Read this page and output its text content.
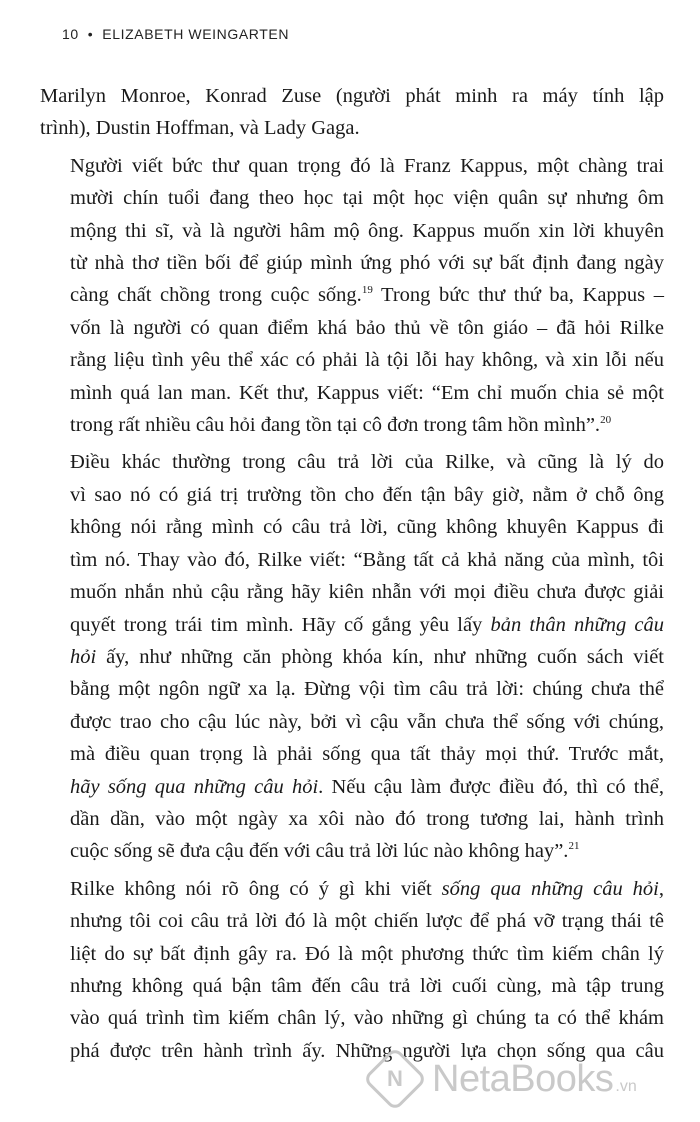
10 • ELIZABETH WEINGARTEN

Marilyn Monroe, Konrad Zuse (người phát minh ra máy tính lập
trình), Dustin Hoffman, và Lady Gaga.

Người viết bức thư quan trọng đó là Franz Kappus, một chàng trai
mười chín tuổi đang theo học tại một học viện quân sự nhưng ôm
mộng thi sĩ, và là người hâm mộ ông. Kappus muốn xin lời khuyên
từ nhà thơ tiền bối để giúp mình ứng phó với sự bất định đang ngày
càng chất chồng trong cuộc sống.$^{19}$ Trong bức thư thứ ba, Kappus –
vốn là người có quan điểm khá bảo thủ về tôn giáo – đã hỏi Rilke
rằng liệu tình yêu thể xác có phải là tội lỗi hay không, và xin lỗi nếu
mình quá lan man. Kết thư, Kappus viết: “Em chỉ muốn chia sẻ một
trong rất nhiều câu hỏi đang tồn tại cô đơn trong tâm hồn mình”.$^{20}$

Điều khác thường trong câu trả lời của Rilke, và cũng là lý do
vì sao nó có giá trị trường tồn cho đến tận bây giờ, nằm ở chỗ ông
không nói rằng mình có câu trả lời, cũng không khuyên Kappus đi
tìm nó. Thay vào đó, Rilke viết: “Bằng tất cả khả năng của mình, tôi
muốn nhắn nhủ cậu rằng hãy kiên nhẫn với mọi điều chưa được giải
quyết trong trái tim mình. Hãy cố gắng yêu lấy bản thân những câu
hỏi ấy, như những căn phòng khóa kín, như những cuốn sách viết
bằng một ngôn ngữ xa lạ. Đừng vội tìm câu trả lời: chúng chưa thể
được trao cho cậu lúc này, bởi vì cậu vẫn chưa thể sống với chúng,
mà điều quan trọng là phải sống qua tất thảy mọi thứ. Trước mắt,
hãy sống qua những câu hỏi. Nếu cậu làm được điều đó, thì có thể,
dần dần, vào một ngày xa xôi nào đó trong tương lai, hành trình
cuộc sống sẽ đưa cậu đến với câu trả lời lúc nào không hay”.$^{21}$

Rilke không nói rõ ông có ý gì khi viết sống qua những câu hỏi,
nhưng tôi coi câu trả lời đó là một chiến lược để phá vỡ trạng thái tê
liệt do sự bất định gây ra. Đó là một phương thức tìm kiếm chân lý
nhưng không quá bận tâm đến câu trả lời cuối cùng, mà tập trung
vào quá trình tìm kiếm chân lý, vào những gì chúng ta có thể khám
phá được trên hành trình ấy. Những người lựa chọn sống qua câu

N NetaBooks .vn
